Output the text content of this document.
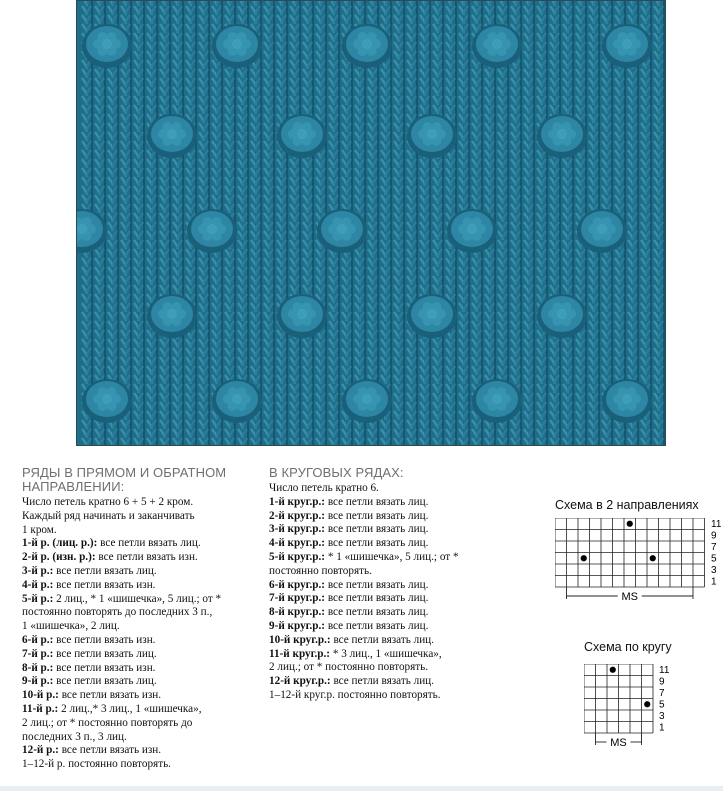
РЯДЫ В ПРЯМОМ И ОБРАТНОМ
НАПРАВЛЕНИИ:

Число петель кратно 6 + 5 + 2 кром.

Каждый ряд начинать и заканчивать

1 кром.

1-й р. (лиц. р.): все петли вязать лиц.

2-й р. (изн. р.): все петли вязать изн.

3-й р.: все петли вязать лиц.

4-й р.: все петли вязать изн.

5-й р.: 2 лиц., * 1 «шишечка», 5 лиц.; от *

постоянно повторять до последних 3 п.,

1 «шишечка», 2 лиц.

6-й р.: все петли вязать изн.

7-й р.: все петли вязать лиц.

8-й р.: все петли вязать изн.

9-й р.: все петли вязать лиц.

10-й р.: все петли вязать изн.

11-й р.: 2 лиц.,* 3 лиц., 1 «шишечка»,

2 лиц.; от * постоянно повторять до

последних 3 п., 3 лиц.

12-й р.: все петли вязать изн.

1–12-й р. постоянно повторять.

В КРУГОВЫХ РЯДАХ:

Число петель кратно 6.

1-й круг.р.: все петли вязать лиц.

2-й круг.р.: все петли вязать лиц.

3-й круг.р.: все петли вязать лиц.

4-й круг.р.: все петли вязать лиц.

5-й круг.р.: * 1 «шишечка», 5 лиц.; от *

постоянно повторять.

6-й круг.р.: все петли вязать лиц.

7-й круг.р.: все петли вязать лиц.

8-й круг.р.: все петли вязать лиц.

9-й круг.р.: все петли вязать лиц.

10-й круг.р.: все петли вязать лиц.

11-й круг.р.: * 3 лиц., 1 «шишечка»,

2 лиц.; от * постоянно повторять.

12-й круг.р.: все петли вязать лиц.

1–12-й круг.р. постоянно повторять.

Схема в 2 направлениях
11
9
7
5
3
1
MS
Схема по кругу
11
9
7
5
3
1
MS
